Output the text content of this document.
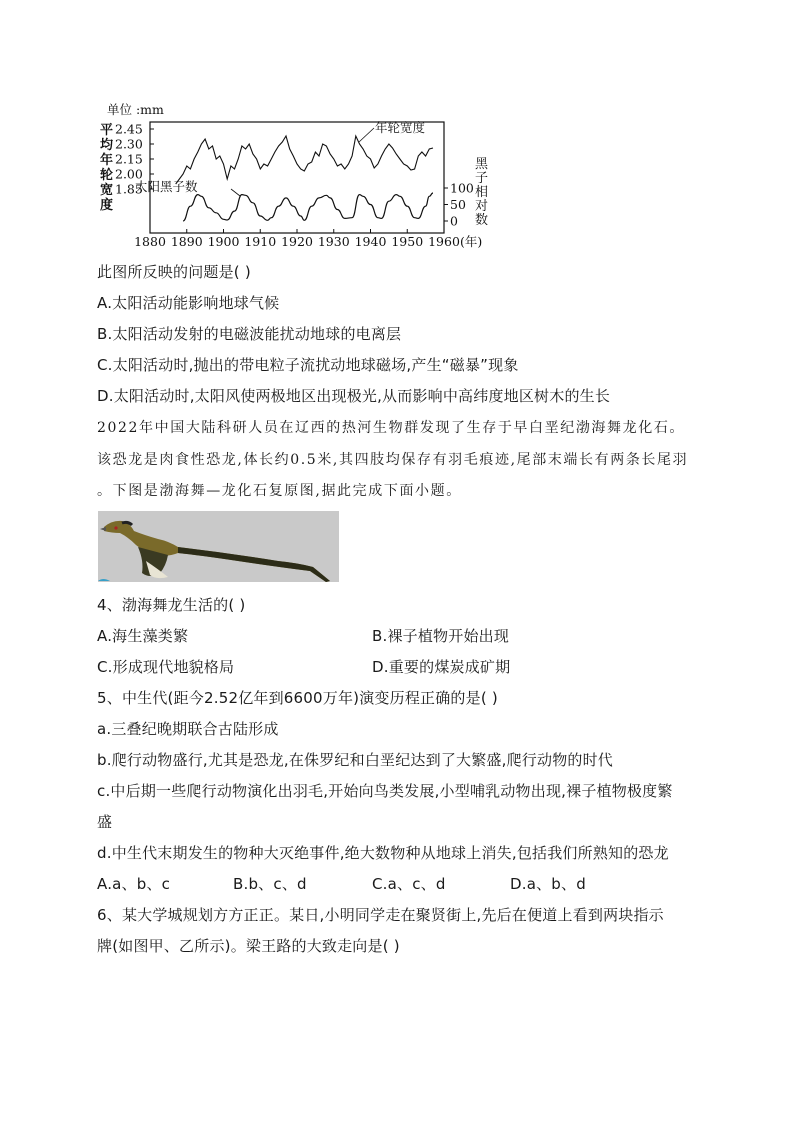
单位 :mm
2.45
2.30
2.15
2.00
1.85
平
均
年
轮
宽
度
100
50
0
黑
子
相
对
数
1880 1890 1900 1910 1920 1930 1940 1950 1960 (年)
年轮宽度
太阳黑子数
此图所反映的问题是( )
A.太阳活动能影响地球气候
B.太阳活动发射的电磁波能扰动地球的电离层
C.太阳活动时,抛出的带电粒子流扰动地球磁场,产生“磁暴”现象
D.太阳活动时,太阳风使两极地区出现极光,从而影响中高纬度地区树木的生长
2022年中国大陆科研人员在辽西的热河生物群发现了生存于早白垩纪渤海舞龙化石。
该恐龙是肉食性恐龙,体长约0.5米,其四肢均保存有羽毛痕迹,尾部末端长有两条长尾羽
。下图是渤海舞—龙化石复原图,据此完成下面小题。
4、渤海舞龙生活的( )
A.海生藻类繁	B.裸子植物开始出现
C.形成现代地貌格局	D.重要的煤炭成矿期
5、中生代(距今2.52亿年到6600万年)演变历程正确的是( )
a.三叠纪晚期联合古陆形成
b.爬行动物盛行,尤其是恐龙,在侏罗纪和白垩纪达到了大繁盛,爬行动物的时代
c.中后期一些爬行动物演化出羽毛,开始向鸟类发展,小型哺乳动物出现,裸子植物极度繁
盛
d.中生代末期发生的物种大灭绝事件,绝大数物种从地球上消失,包括我们所熟知的恐龙
A.a、b、c	B.b、c、d	C.a、c、d	D.a、b、d
6、某大学城规划方方正正。某日,小明同学走在聚贤街上,先后在便道上看到两块指示
牌(如图甲、乙所示)。梁王路的大致走向是( )
